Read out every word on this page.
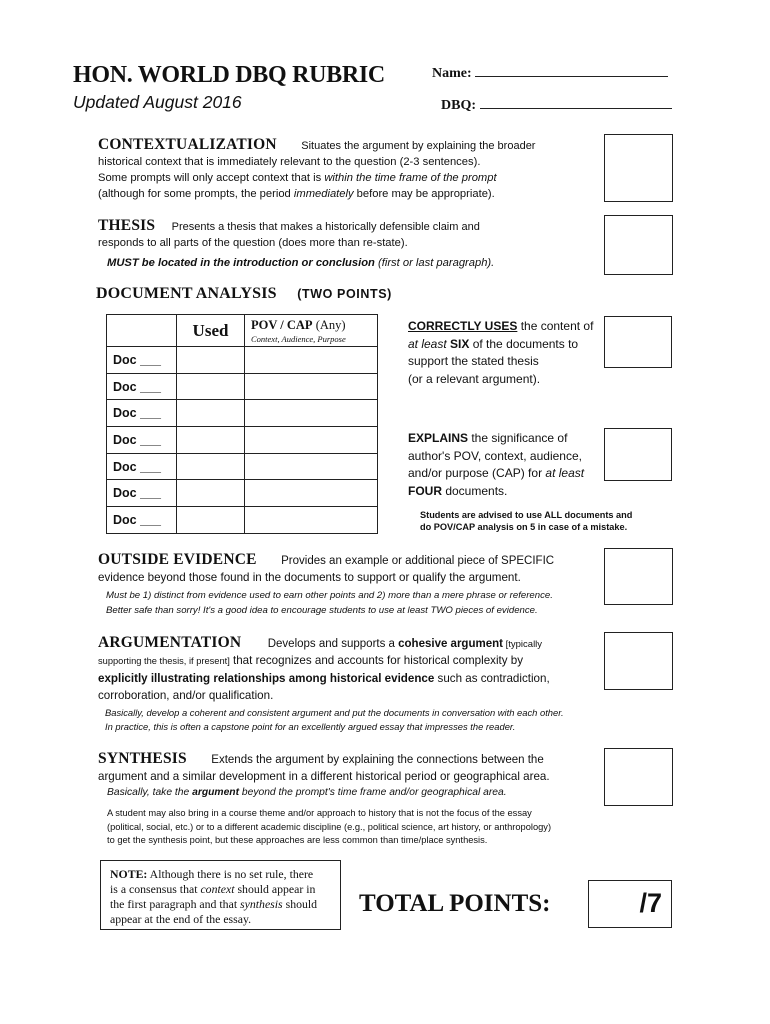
HON. WORLD DBQ RUBRIC
Updated August 2016
Name:
DBQ:
CONTEXTUALIZATION Situates the argument by explaining the broader
historical context that is immediately relevant to the question (2-3 sentences).
Some prompts will only accept context that is within the time frame of the prompt
(although for some prompts, the period immediately before may be appropriate).
THESIS Presents a thesis that makes a historically defensible claim and
responds to all parts of the question (does more than re-state).
MUST be located in the introduction or conclusion (first or last paragraph).
DOCUMENT ANALYSIS (TWO POINTS)
	Used	POV / CAP (Any)
Context, Audience, Purpose

Doc ___		
Doc ___		
Doc ___		
Doc ___		
Doc ___		
Doc ___		
Doc ___		
CORRECTLY USES the content of
at least SIX of the documents to
support the stated thesis
(or a relevant argument).
EXPLAINS the significance of
author's POV, context, audience,
and/or purpose (CAP) for at least
FOUR documents.
Students are advised to use ALL documents and
do POV/CAP analysis on 5 in case of a mistake.
OUTSIDE EVIDENCE Provides an example or additional piece of SPECIFIC
evidence beyond those found in the documents to support or qualify the argument.
Must be 1) distinct from evidence used to earn other points and 2) more than a mere phrase or reference.
Better safe than sorry! It's a good idea to encourage students to use at least TWO pieces of evidence.
ARGUMENTATION Develops and supports a cohesive argument [typically
supporting the thesis, if present] that recognizes and accounts for historical complexity by
explicitly illustrating relationships among historical evidence such as contradiction,
corroboration, and/or qualification.
Basically, develop a coherent and consistent argument and put the documents in conversation with each other.
In practice, this is often a capstone point for an excellently argued essay that impresses the reader.
SYNTHESIS Extends the argument by explaining the connections between the
argument and a similar development in a different historical period or geographical area.
Basically, take the argument beyond the prompt's time frame and/or geographical area.
A student may also bring in a course theme and/or approach to history that is not the focus of the essay
(political, social, etc.) or to a different academic discipline (e.g., political science, art history, or anthropology)
to get the synthesis point, but these approaches are less common than time/place synthesis.
NOTE: Although there is no set rule, there
is a consensus that context should appear in
the first paragraph and that synthesis should
appear at the end of the essay.
TOTAL POINTS:	/7
